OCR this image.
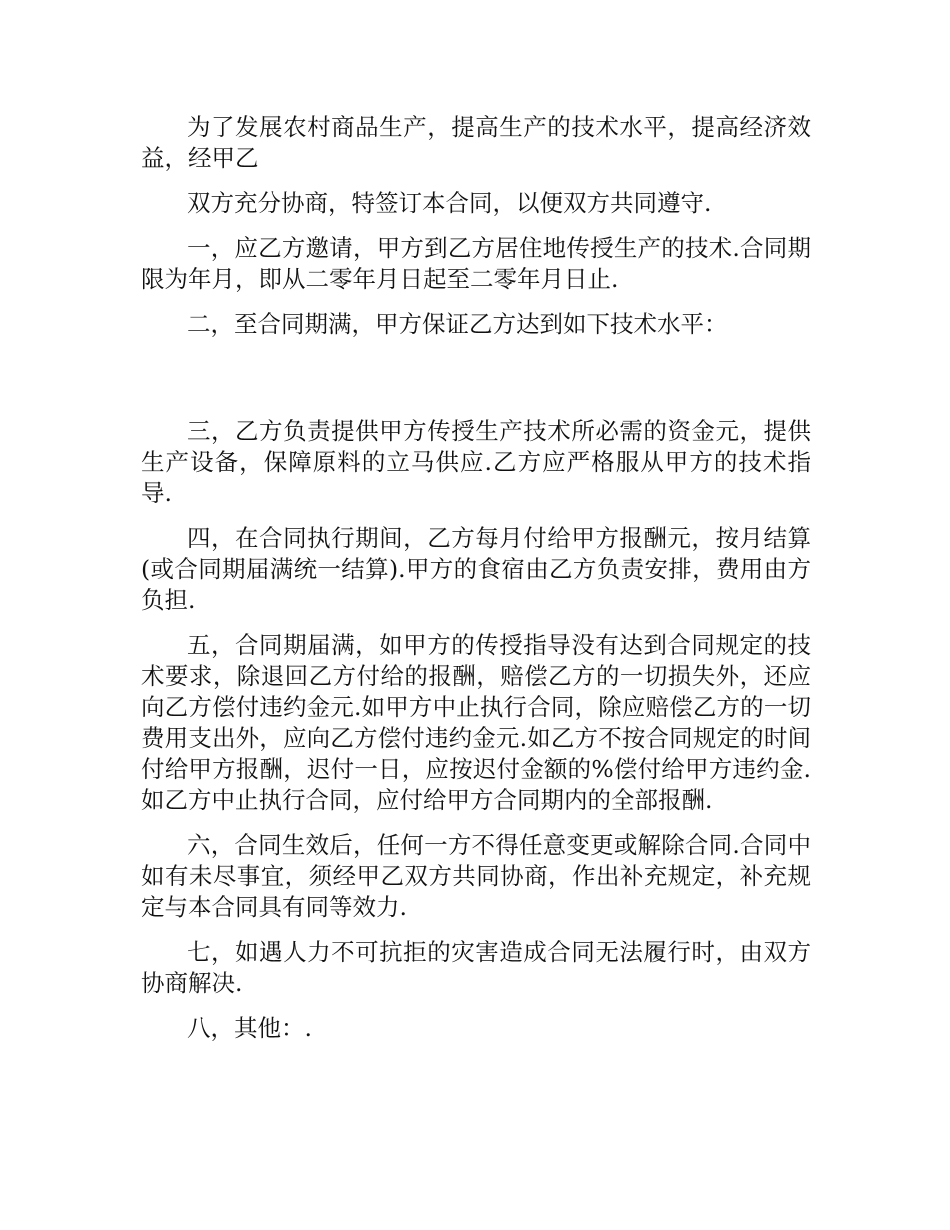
为了发展农村商品生产，提高生产的技术水平，提高经济效益，经甲乙

双方充分协商，特签订本合同，以便双方共同遵守.

一，应乙方邀请，甲方到乙方居住地传授生产的技术.合同期限为年月，即从二零年月日起至二零年月日止.

二，至合同期满，甲方保证乙方达到如下技术水平：

三，乙方负责提供甲方传授生产技术所必需的资金元，提供生产设备，保障原料的立马供应.乙方应严格服从甲方的技术指导.

四，在合同执行期间，乙方每月付给甲方报酬元，按月结算(或合同期届满统一结算).甲方的食宿由乙方负责安排，费用由方负担.

五，合同期届满，如甲方的传授指导没有达到合同规定的技术要求，除退回乙方付给的报酬，赔偿乙方的一切损失外，还应向乙方偿付违约金元.如甲方中止执行合同，除应赔偿乙方的一切费用支出外，应向乙方偿付违约金元.如乙方不按合同规定的时间付给甲方报酬，迟付一日，应按迟付金额的%偿付给甲方违约金.如乙方中止执行合同，应付给甲方合同期内的全部报酬.

六，合同生效后，任何一方不得任意变更或解除合同.合同中如有未尽事宜，须经甲乙双方共同协商，作出补充规定，补充规定与本合同具有同等效力.

七，如遇人力不可抗拒的灾害造成合同无法履行时，由双方协商解决.

八，其他：.
